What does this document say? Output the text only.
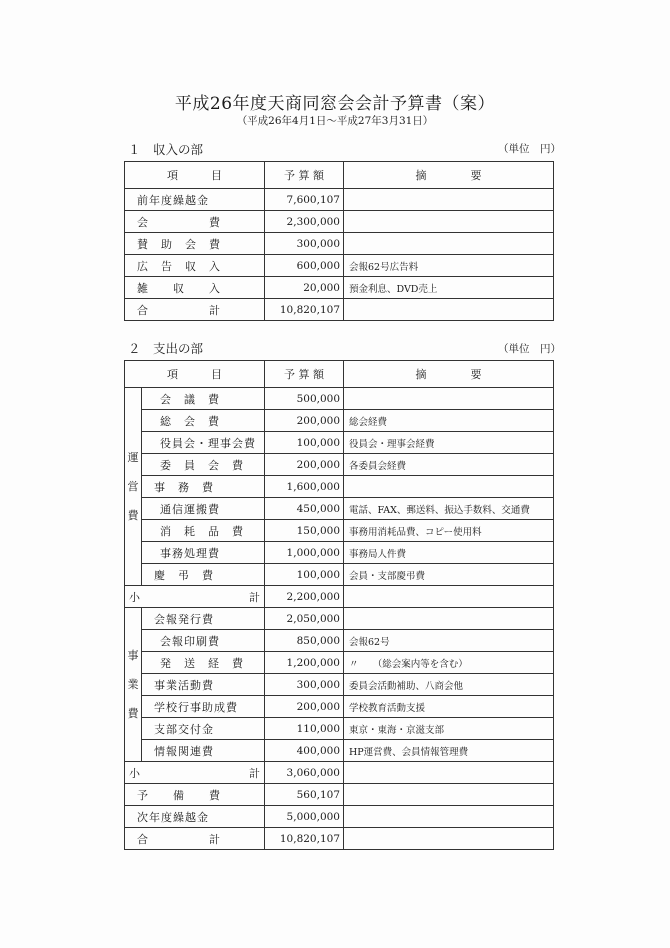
平成26年度天商同窓会会計予算書（案）
（平成26年4月1日～平成27年3月31日）
１　収入の部	（単位　円）
項　　　目	予 算 額	摘　　　　要
前年度繰越金	7,600,107	
会　　　　　費	2,300,000	
賛　助　会　費	300,000	
広　告　収　入	600,000	会報62号広告料
雑　　収　　入	20,000	預金利息、DVD売上
合　　　　　計	10,820,107	
２　支出の部	（単位　円）
項　　　目		予 算 額	摘　　　　要

運
営
費	会　議　費	500,000	
	総　会　費	200,000	総会経費
	役員会・理事会費	100,000	役員会・理事会経費
	委　員　会　費	200,000	各委員会経費
	事　務　費	1,600,000	
	通信運搬費	450,000	電話、FAX、郵送料、振込手数料、交通費
	消　耗　品　費	150,000	事務用消耗品費、コピー使用料
	事務処理費	1,000,000	事務局人件費
	慶　弔　費	100,000	会員・支部慶弔費
小 計		2,200,000	

事
業
費	会報発行費	2,050,000	
	会報印刷費	850,000	会報62号
	発　送　経　費	1,200,000	〃　　（総会案内等を含む）
	事業活動費	300,000	委員会活動補助、八商会他
	学校行事助成費	200,000	学校教育活動支援
	支部交付金	110,000	東京・東海・京滋支部
	情報関連費	400,000	HP運営費、会員情報管理費
小 計		3,060,000	
予　　備　　費		560,107	
次年度繰越金		5,000,000	
合　　　　　計		10,820,107	
